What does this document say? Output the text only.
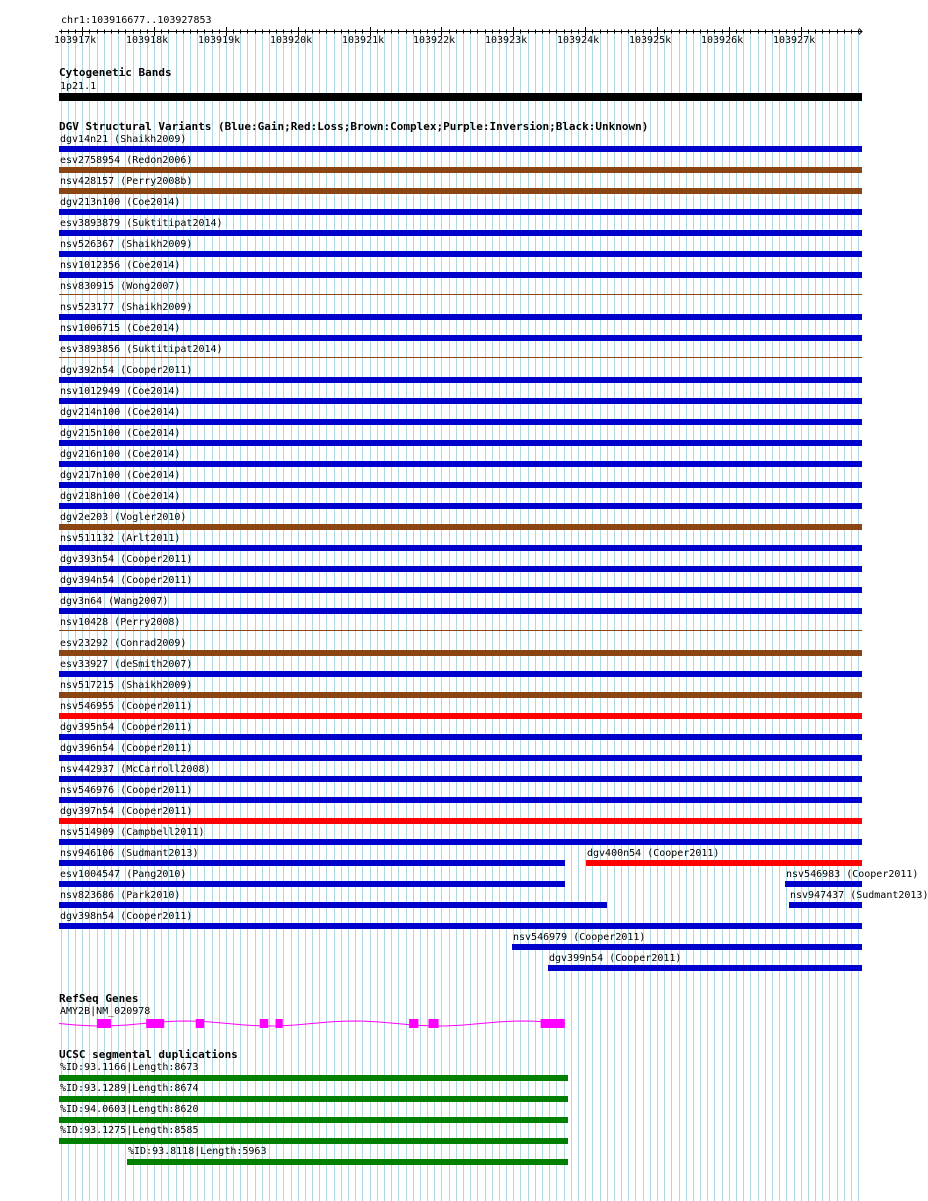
chr1:103916677..103927853
Cytogenetic Bands
1p21.1
DGV Structural Variants (Blue:Gain;Red:Loss;Brown:Complex;Purple:Inversion;Black:Unknown)
dgv14n21 (Shaikh2009)
esv2758954 (Redon2006)
nsv428157 (Perry2008b)
dgv213n100 (Coe2014)
esv3893879 (Suktitipat2014)
nsv526367 (Shaikh2009)
nsv1012356 (Coe2014)
nsv830915 (Wong2007)
nsv523177 (Shaikh2009)
nsv1006715 (Coe2014)
esv3893856 (Suktitipat2014)
dgv392n54 (Cooper2011)
nsv1012949 (Coe2014)
dgv214n100 (Coe2014)
dgv215n100 (Coe2014)
dgv216n100 (Coe2014)
dgv217n100 (Coe2014)
dgv218n100 (Coe2014)
dgv2e203 (Vogler2010)
nsv511132 (Arlt2011)
dgv393n54 (Cooper2011)
dgv394n54 (Cooper2011)
dgv3n64 (Wang2007)
nsv10428 (Perry2008)
esv23292 (Conrad2009)
esv33927 (deSmith2007)
nsv517215 (Shaikh2009)
nsv546955 (Cooper2011)
dgv395n54 (Cooper2011)
dgv396n54 (Cooper2011)
nsv442937 (McCarroll2008)
nsv546976 (Cooper2011)
dgv397n54 (Cooper2011)
nsv514909 (Campbell2011)
nsv946106 (Sudmant2013)	dgv400n54 (Cooper2011)
esv1004547 (Pang2010)	nsv546983 (Cooper2011)
nsv823686 (Park2010)	nsv947437 (Sudmant2013)
dgv398n54 (Cooper2011)
nsv546979 (Cooper2011)
dgv399n54 (Cooper2011)
RefSeq Genes
AMY2B|NM_020978
UCSC segmental duplications
%ID:93.1166|Length:8673
%ID:93.1289|Length:8674
%ID:94.0603|Length:8620
%ID:93.1275|Length:8585
%ID:93.8118|Length:5963
103917k	103918k	103919k	103920k	103921k	103922k	103923k	103924k	103925k	103926k	103927k
